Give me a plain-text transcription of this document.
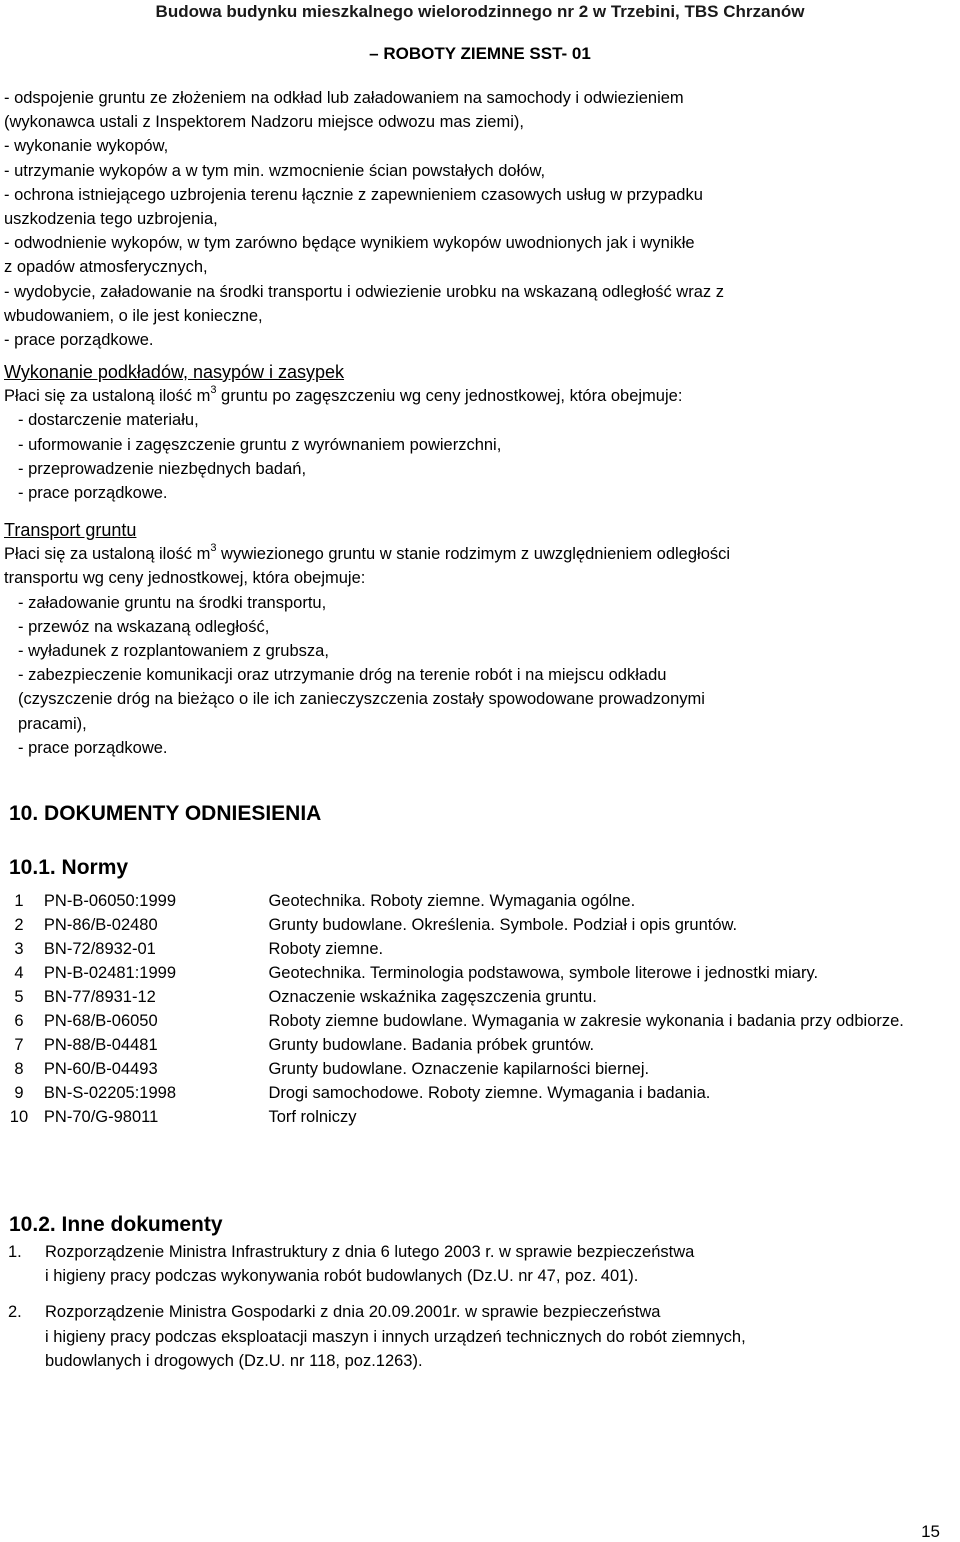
Budowa budynku mieszkalnego wielorodzinnego nr 2 w Trzebini, TBS Chrzanów
– ROBOTY ZIEMNE SST- 01
- odspojenie gruntu ze złożeniem na odkład lub załadowaniem na samochody i odwiezieniem
(wykonawca ustali z Inspektorem Nadzoru miejsce odwozu mas ziemi),
- wykonanie wykopów,
- utrzymanie wykopów a w tym min. wzmocnienie ścian powstałych dołów,
- ochrona istniejącego uzbrojenia terenu łącznie z zapewnieniem czasowych usług w przypadku
uszkodzenia tego uzbrojenia,
- odwodnienie wykopów, w tym zarówno będące wynikiem wykopów uwodnionych jak i wynikłe
z opadów atmosferycznych,
- wydobycie, załadowanie na środki transportu i odwiezienie urobku na wskazaną odległość wraz z
wbudowaniem, o ile jest konieczne,
- prace porządkowe.
Wykonanie podkładów, nasypów i zasypek
Płaci się za ustaloną ilość $m^3$ gruntu po zagęszczeniu wg ceny jednostkowej, która obejmuje:
- dostarczenie materiału,
- uformowanie i zagęszczenie gruntu z wyrównaniem powierzchni,
- przeprowadzenie niezbędnych badań,
- prace porządkowe.
Transport gruntu
Płaci się za ustaloną ilość $m^3$ wywiezionego gruntu w stanie rodzimym z uwzględnieniem odległości
transportu wg ceny jednostkowej, która obejmuje:
- załadowanie gruntu na środki transportu,
- przewóz na wskazaną odległość,
- wyładunek z rozplantowaniem z grubsza,
- zabezpieczenie komunikacji oraz utrzymanie dróg na terenie robót i na miejscu odkładu
(czyszczenie dróg na bieżąco o ile ich zanieczyszczenia zostały spowodowane prowadzonymi
pracami),
- prace porządkowe.
10. DOKUMENTY ODNIESIENIA
10.1. Normy
1	PN-B-06050:1999	Geotechnika. Roboty ziemne. Wymagania ogólne.
2	PN-86/B-02480	Grunty budowlane. Określenia. Symbole. Podział i opis gruntów.
3	BN-72/8932-01	Roboty ziemne.
4	PN-B-02481:1999	Geotechnika. Terminologia podstawowa, symbole literowe i jednostki miary.
5	BN-77/8931-12	Oznaczenie wskaźnika zagęszczenia gruntu.
6	PN-68/B-06050	Roboty ziemne budowlane. Wymagania w zakresie wykonania i badania przy odbiorze.
7	PN-88/B-04481	Grunty budowlane. Badania próbek gruntów.
8	PN-60/B-04493	Grunty budowlane. Oznaczenie kapilarności biernej.
9	BN-S-02205:1998	Drogi samochodowe. Roboty ziemne. Wymagania i badania.
10	PN-70/G-98011	Torf rolniczy
10.2. Inne dokumenty
1.	Rozporządzenie Ministra Infrastruktury z dnia 6 lutego 2003 r. w sprawie bezpieczeństwa
i higieny pracy podczas wykonywania robót budowlanych (Dz.U. nr 47, poz. 401).
2.	Rozporządzenie Ministra Gospodarki z dnia 20.09.2001r. w sprawie bezpieczeństwa
i higieny pracy podczas eksploatacji maszyn i innych urządzeń technicznych do robót ziemnych,
budowlanych i drogowych (Dz.U. nr 118, poz.1263).
15
